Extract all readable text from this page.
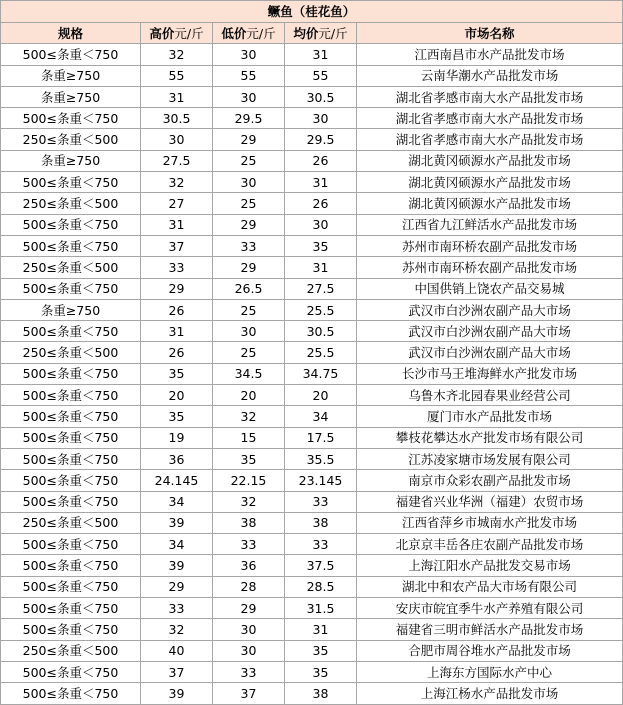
鳜鱼（桂花鱼）				
规格	高价元/斤	低价元/斤	均价元/斤	市场名称
500≤条重＜750	32	30	31	江西南昌市水产品批发市场
条重≥750	55	55	55	云南华潮水产品批发市场
条重≥750	31	30	30.5	湖北省孝感市南大水产品批发市场
500≤条重＜750	30.5	29.5	30	湖北省孝感市南大水产品批发市场
250≤条重＜500	30	29	29.5	湖北省孝感市南大水产品批发市场
条重≥750	27.5	25	26	湖北黄冈硕源水产品批发市场
500≤条重＜750	32	30	31	湖北黄冈硕源水产品批发市场
250≤条重＜500	27	25	26	湖北黄冈硕源水产品批发市场
500≤条重＜750	31	29	30	江西省九江鲜活水产品批发市场
500≤条重＜750	37	33	35	苏州市南环桥农副产品批发市场
250≤条重＜500	33	29	31	苏州市南环桥农副产品批发市场
500≤条重＜750	29	26.5	27.5	中国供销上饶农产品交易城
条重≥750	26	25	25.5	武汉市白沙洲农副产品大市场
500≤条重＜750	31	30	30.5	武汉市白沙洲农副产品大市场
250≤条重＜500	26	25	25.5	武汉市白沙洲农副产品大市场
500≤条重＜750	35	34.5	34.75	长沙市马王堆海鲜水产批发市场
500≤条重＜750	20	20	20	乌鲁木齐北园春果业经营公司
500≤条重＜750	35	32	34	厦门市水产品批发市场
500≤条重＜750	19	15	17.5	攀枝花攀达水产批发市场有限公司
500≤条重＜750	36	35	35.5	江苏凌家塘市场发展有限公司
500≤条重＜750	24.145	22.15	23.145	南京市众彩农副产品批发市场
500≤条重＜750	34	32	33	福建省兴业华洲（福建）农贸市场
250≤条重＜500	39	38	38	江西省萍乡市城南水产批发市场
500≤条重＜750	34	33	33	北京京丰岳各庄农副产品批发市场
500≤条重＜750	39	36	37.5	上海江阳水产品批发交易市场
500≤条重＜750	29	28	28.5	湖北中和农产品大市场有限公司
500≤条重＜750	33	29	31.5	安庆市皖宜季牛水产养殖有限公司
500≤条重＜750	32	30	31	福建省三明市鲜活水产品批发市场
250≤条重＜500	40	30	35	合肥市周谷堆水产品批发市场
500≤条重＜750	37	33	35	上海东方国际水产中心
500≤条重＜750	39	37	38	上海江杨水产品批发市场
